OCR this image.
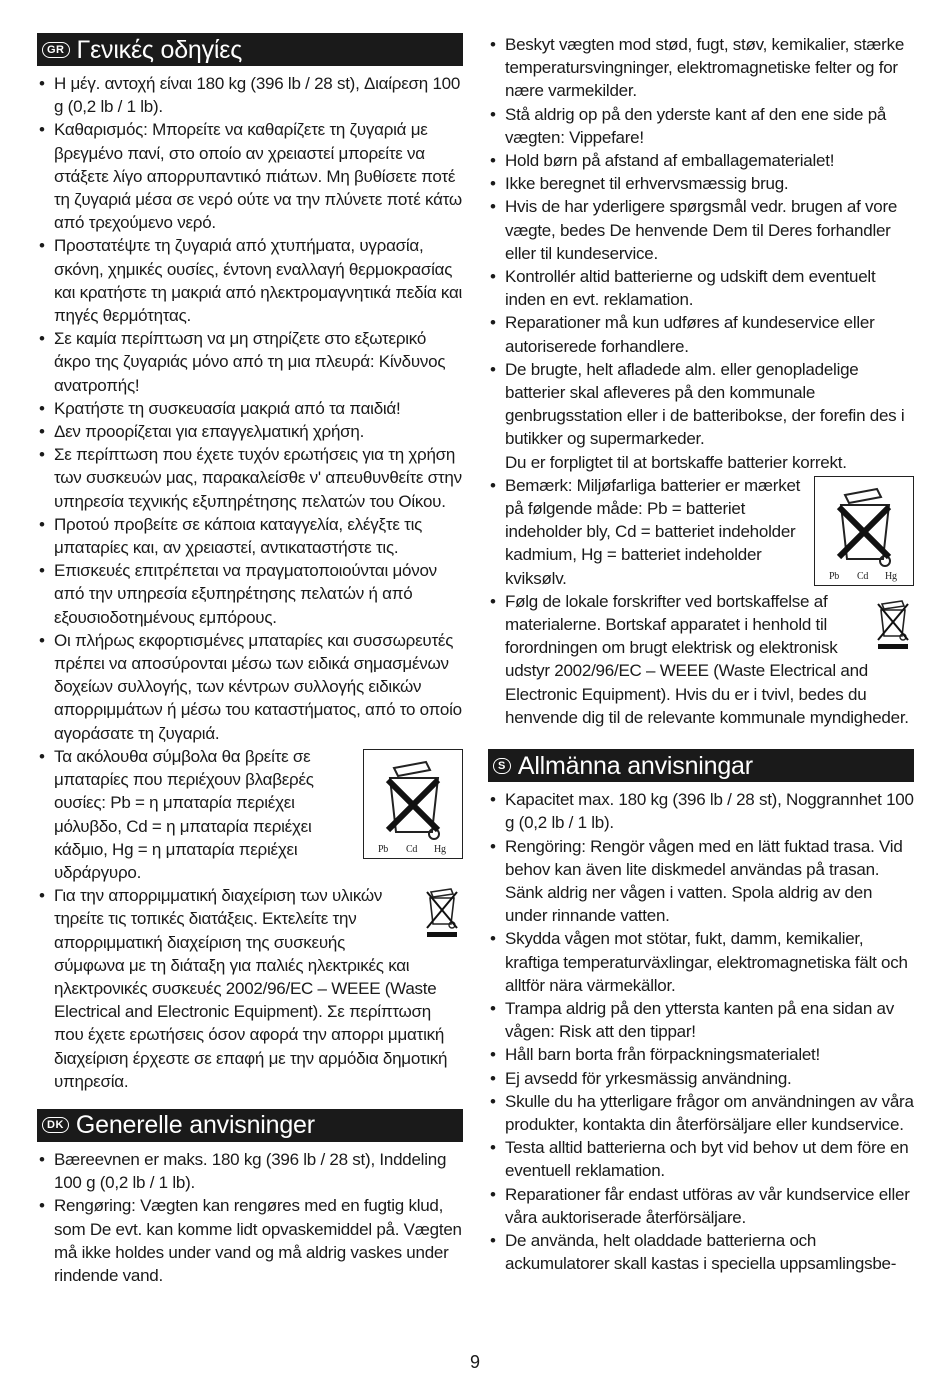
GR Γενικές οδηγίες
• Η μέγ. αντοχή είναι 180 kg (396 lb / 28 st), Διαίρεση 100 g (0,2 lb / 1 lb).
• Καθαρισμός: Μπορείτε να καθαρίζετε τη ζυγαριά με βρεγμένο πανί, στο οποίο αν χρειαστεί μπορείτε να στάξετε λίγο απορρυπαντικό πιάτων. Μη βυθίσετε ποτέ τη ζυγαριά μέσα σε νερό ούτε να την πλύνετε ποτέ κάτω από τρεχούμενο νερό.
• Προστατέψτε τη ζυγαριά από χτυπήματα, υγρασία, σκόνη, χημικές ουσίες, έντονη εναλλαγή θερμοκρασίας και κρατήστε τη μακριά από ηλεκτρομαγνητικά πεδία και πηγές θερμότητας.
• Σε καμία περίπτωση να μη στηρίζετε στο εξωτερικό άκρο της ζυγαριάς μόνο από τη μια πλευρά: Κίνδυνος ανατροπής!
• Κρατήστε τη συσκευασία μακριά από τα παιδιά!
• Δεν προορίζεται για επαγγελματική χρήση.
• Σε περίπτωση που έχετε τυχόν ερωτήσεις για τη χρήση των συσκευών μας, παρακαλείσθε ν' απευθυνθείτε στην υπηρεσία τεχνικής εξυπηρέτησης πελατών του Οίκου.
• Προτού προβείτε σε κάποια καταγγελία, ελέγξτε τις μπαταρίες και, αν χρειαστεί, αντικαταστήστε τις.
• Επισκευές επιτρέπεται να πραγματοποιούνται μόνον από την υπηρεσία εξυπηρέτησης πελατών ή από εξουσιοδοτημένους εμπόρους.
• Οι πλήρως εκφορτισμένες μπαταρίες και συσσωρευτές πρέπει να αποσύρονται μέσω των ειδικά σημασμένων δοχείων συλλογής, των κέντρων συλλογής ειδικών απορριμμάτων ή μέσω του καταστήματος, από το οποίο αγοράσατε τη ζυγαριά.
• Pb Cd Hg
Τα ακόλουθα σύμβολα θα βρείτε σε μπαταρίες που περιέχουν βλαβερές ουσίες: Pb = η μπαταρία περιέχει μόλυβδο, Cd = η μπαταρία περιέχει κάδμιο, Hg = η μπαταρία περιέχει υδράργυρο.
• Για την απορριμματική διαχείριση των υλικών τηρείτε τις τοπικές διατάξεις. Εκτελείτε την απορριμματική διαχείριση της συσκευής σύμφωνα με τη διάταξη για παλιές ηλεκτρικές και ηλεκτρονικές συσκευές 2002/96/EC – WEEE (Waste Electrical and Electronic Equipment). Σε περίπτωση που έχετε ερωτήσεις όσον αφορά την απορρι μματική διαχείριση έρχεστε σε επαφή με την αρμόδια δημοτική υπηρεσία.
DK Generelle anvisninger
• Bæreevnen er maks. 180 kg (396 lb / 28 st), Inddeling 100 g (0,2 lb / 1 lb).
• Rengøring: Vægten kan rengøres med en fugtig klud, som De evt. kan komme lidt opvaskemiddel på. Vægten må ikke holdes under vand og må aldrig vaskes under rindende vand.
• Beskyt vægten mod stød, fugt, støv, kemikalier, stærke temperatursvingninger, elektromagnetiske felter og for nære varmekilder.
• Stå aldrig op på den yderste kant af den ene side på vægten: Vippefare!
• Hold børn på afstand af emballagematerialet!
• Ikke beregnet til erhvervsmæssig brug.
• Hvis de har yderligere spørgsmål vedr. brugen af vore vægte, bedes De henvende Dem til Deres forhandler eller til kundeservice.
• Kontrollér altid batterierne og udskift dem eventuelt inden en evt. reklamation.
• Reparationer må kun udføres af kundeservice eller autoriserede forhandlere.
• De brugte, helt afladede alm. eller genopladelige batterier skal afleveres på den kommunale genbrugsstation eller i de batteribokse, der forefin des i butikker og supermarkeder.
Du er forpligtet til at bortskaffe batterier korrekt.
• Pb Cd Hg
Bemærk: Miljøfarliga batterier er mærket på følgende måde: Pb = batteriet indeholder bly, Cd = batteriet indeholder kadmium, Hg = batteriet indeholder kviksølv.
• Følg de lokale forskrifter ved bortskaffelse af materialerne. Bortskaf apparatet i henhold til forordningen om brugt elektrisk og elektronisk udstyr 2002/96/EC – WEEE (Waste Electrical and Electronic Equipment). Hvis du er i tvivl, bedes du henvende dig til de relevante kommunale myndigheder.
S Allmänna anvisningar
• Kapacitet max. 180 kg (396 lb / 28 st), Noggrannhet 100 g (0,2 lb / 1 lb).
• Rengöring: Rengör vågen med en lätt fuktad trasa. Vid behov kan även lite diskmedel användas på trasan. Sänk aldrig ner vågen i vatten. Spola aldrig av den under rinnande vatten.
• Skydda vågen mot stötar, fukt, damm, kemikalier, kraftiga temperaturväxlingar, elektromagnetiska fält och alltför nära värmekällor.
• Trampa aldrig på den yttersta kanten på ena sidan av vågen: Risk att den tippar!
• Håll barn borta från förpackningsmaterialet!
• Ej avsedd för yrkesmässig användning.
• Skulle du ha ytterligare frågor om användningen av våra produkter, kontakta din återförsäljare eller kundservice.
• Testa alltid batterierna och byt vid behov ut dem före en eventuell reklamation.
• Reparationer får endast utföras av vår kundservice eller våra auktoriserade återförsäljare.
• De använda, helt oladdade batterierna och ackumulatorer skall kastas i speciella uppsamlingsbe-
9
